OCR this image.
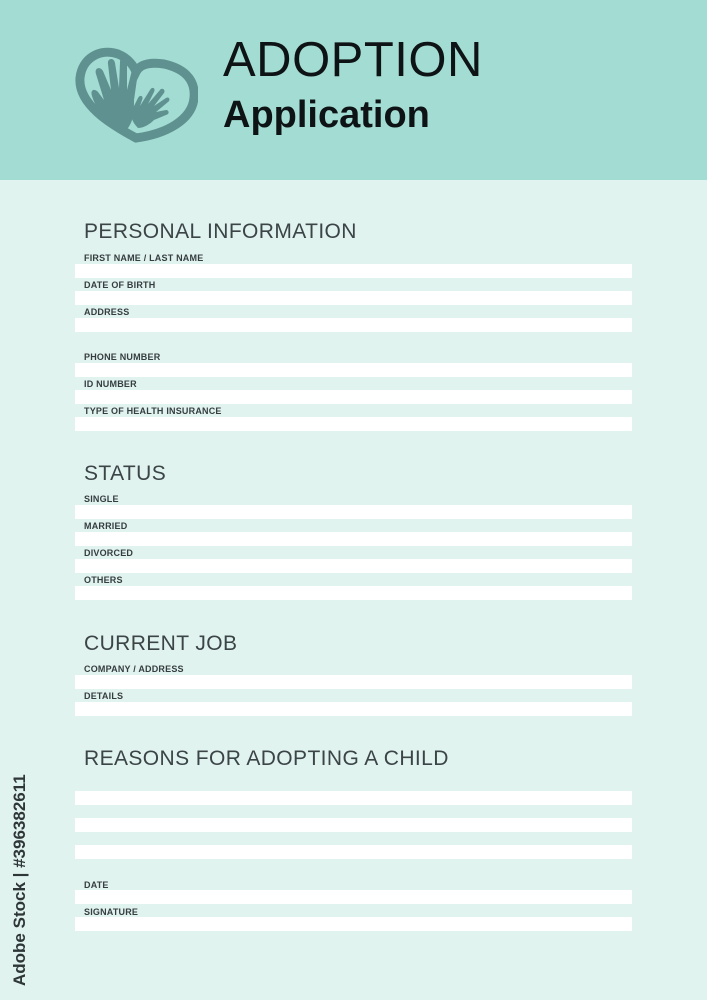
ADOPTION
Application
PERSONAL INFORMATION
FIRST NAME / LAST NAME
DATE OF BIRTH
ADDRESS
PHONE NUMBER
ID NUMBER
TYPE OF HEALTH INSURANCE
STATUS
SINGLE
MARRIED
DIVORCED
OTHERS
CURRENT JOB
COMPANY / ADDRESS
DETAILS
REASONS FOR ADOPTING A CHILD
DATE
SIGNATURE
Adobe Stock | #396382611
